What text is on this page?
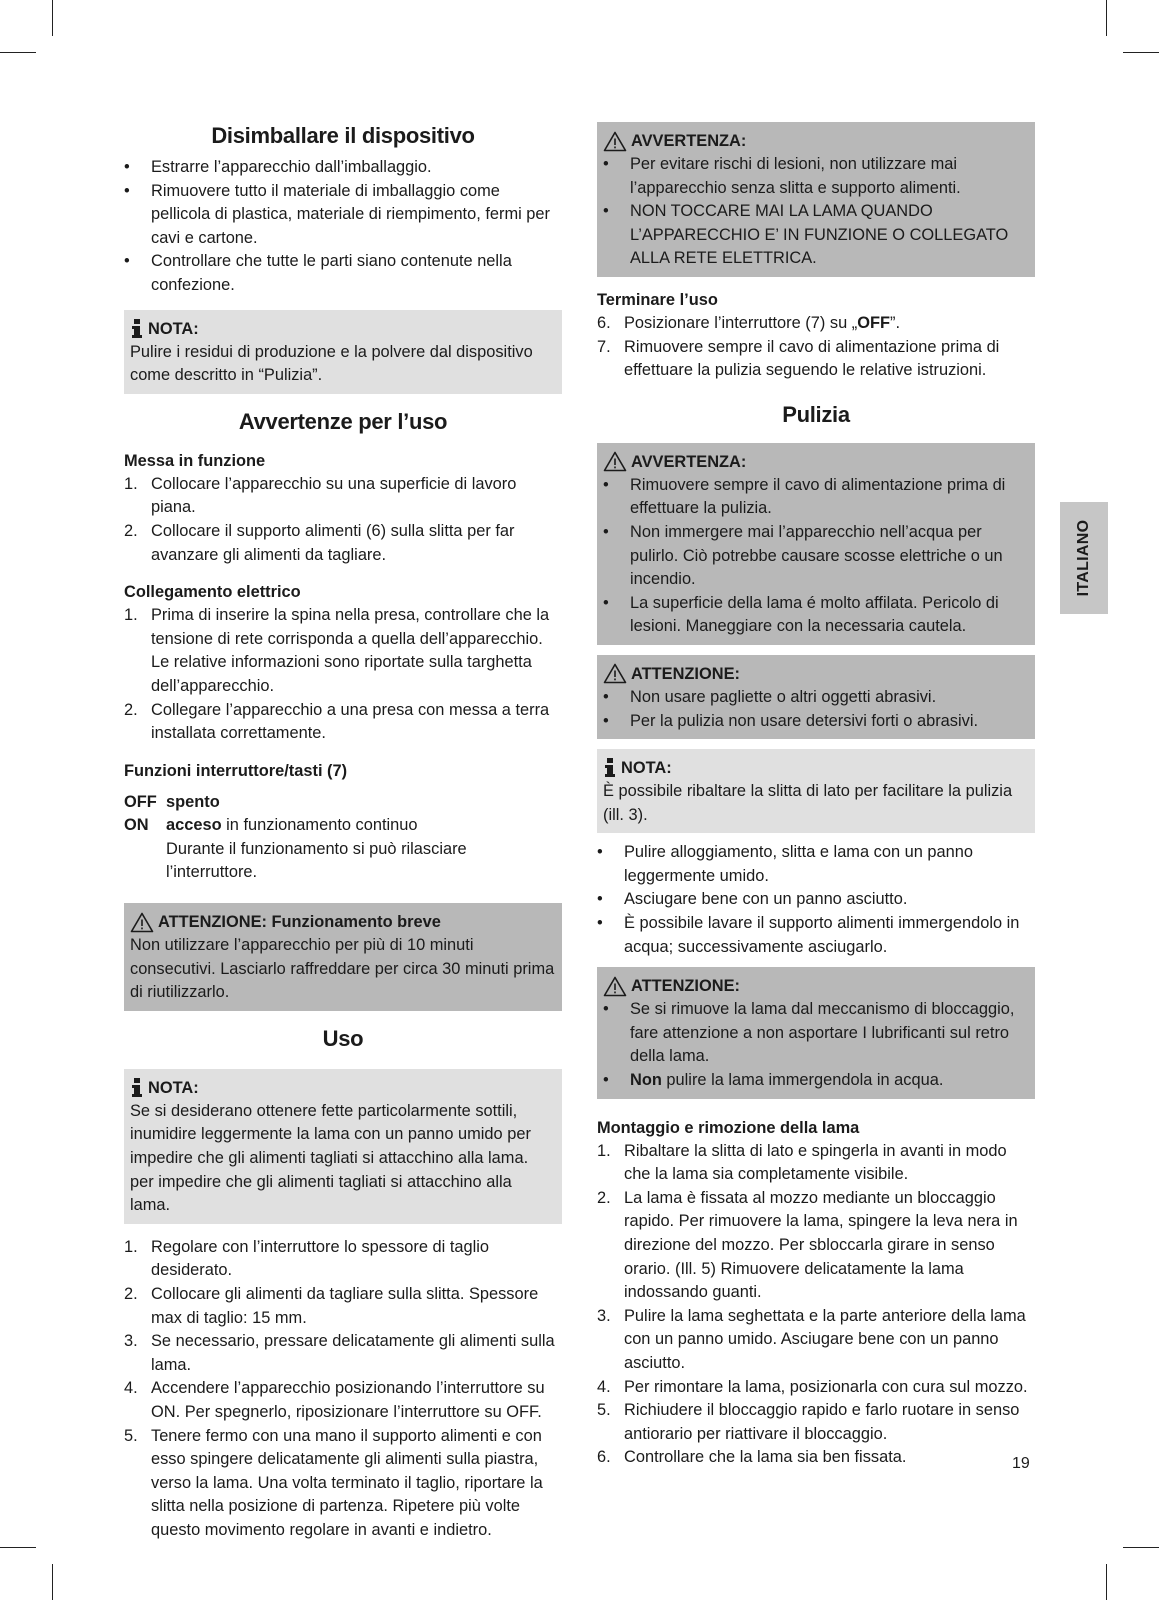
Disimballare il dispositivo
• Estrarre l’apparecchio dall’imballaggio.
• Rimuovere tutto il materiale di imballaggio come pellicola di plastica, materiale di riempimento, fermi per cavi e cartone.
• Controllare che tutte le parti siano contenute nella confezione.
NOTA:
Pulire i residui di produzione e la polvere dal dispositivo come descritto in “Pulizia”.
Avvertenze per l’uso
Messa in funzione
1. Collocare l’apparecchio su una superficie di lavoro piana.
2. Collocare il supporto alimenti (6) sulla slitta per far avanzare gli alimenti da tagliare.
Collegamento elettrico
1. Prima di inserire la spina nella presa, controllare che la tensione di rete corrisponda a quella dell’apparecchio. Le relative informazioni sono riportate sulla targhetta dell’apparecchio.
2. Collegare l’apparecchio a una presa con messa a terra installata correttamente.
Funzioni interruttore/tasti (7)
OFF spento
ON	acceso in funzionamento continuo
Durante il funzionamento si può rilasciare l’interruttore.
ATTENZIONE: Funzionamento breve
Non utilizzare l’apparecchio per più di 10 minuti consecutivi. Lasciarlo raffreddare per circa 30 minuti prima di riutilizzarlo.
Uso
NOTA:
Se si desiderano ottenere fette particolarmente sottili, inumidire leggermente la lama con un panno umido per impedire che gli alimenti tagliati si attacchino alla lama. per impedire che gli alimenti tagliati si attacchino alla lama.
1. Regolare con l’interruttore lo spessore di taglio desiderato.
2. Collocare gli alimenti da tagliare sulla slitta. Spessore max di taglio: 15 mm.
3. Se necessario, pressare delicatamente gli alimenti sulla lama.
4. Accendere l’apparecchio posizionando l’interruttore su ON. Per spegnerlo, riposizionare l’interruttore su OFF.
5. Tenere fermo con una mano il supporto alimenti e con esso spingere delicatamente gli alimenti sulla piastra, verso la lama. Una volta terminato il taglio, riportare la slitta nella posizione di partenza. Ripetere più volte questo movimento regolare in avanti e indietro.
AVVERTENZA:
• Per evitare rischi di lesioni, non utilizzare mai l’apparecchio senza slitta e supporto alimenti.
• NON TOCCARE MAI LA LAMA QUANDO L’APPARECCHIO E’ IN FUNZIONE O COLLEGATO ALLA RETE ELETTRICA.
Terminare l’uso
6. Posizionare l’interruttore (7) su „OFF”.
7. Rimuovere sempre il cavo di alimentazione prima di effettuare la pulizia seguendo le relative istruzioni.
Pulizia
AVVERTENZA:
• Rimuovere sempre il cavo di alimentazione prima di effettuare la pulizia.
• Non immergere mai l’apparecchio nell’acqua per pulirlo. Ciò potrebbe causare scosse elettriche o un incendio.
• La superficie della lama é molto affilata. Pericolo di lesioni. Maneggiare con la necessaria cautela.
ATTENZIONE:
• Non usare pagliette o altri oggetti abrasivi.
• Per la pulizia non usare detersivi forti o abrasivi.
NOTA:
È possibile ribaltare la slitta di lato per facilitare la pulizia (ill. 3).
• Pulire alloggiamento, slitta e lama con un panno leggermente umido.
• Asciugare bene con un panno asciutto.
• È possibile lavare il supporto alimenti immergendolo in acqua; successivamente asciugarlo.
ATTENZIONE:
• Se si rimuove la lama dal meccanismo di bloccaggio, fare attenzione a non asportare I lubrificanti sul retro della lama.
• Non pulire la lama immergendola in acqua.
Montaggio e rimozione della lama
1. Ribaltare la slitta di lato e spingerla in avanti in modo che la lama sia completamente visibile.
2. La lama è fissata al mozzo mediante un bloccaggio rapido. Per rimuovere la lama, spingere la leva nera in direzione del mozzo. Per sbloccarla girare in senso orario. (Ill. 5) Rimuovere delicatamente la lama indossando guanti.
3. Pulire la lama seghettata e la parte anteriore della lama con un panno umido. Asciugare bene con un panno asciutto.
4. Per rimontare la lama, posizionarla con cura sul mozzo.
5. Richiudere il bloccaggio rapido e farlo ruotare in senso antiorario per riattivare il bloccaggio.
6. Controllare che la lama sia ben fissata.
ITALIANO
19
